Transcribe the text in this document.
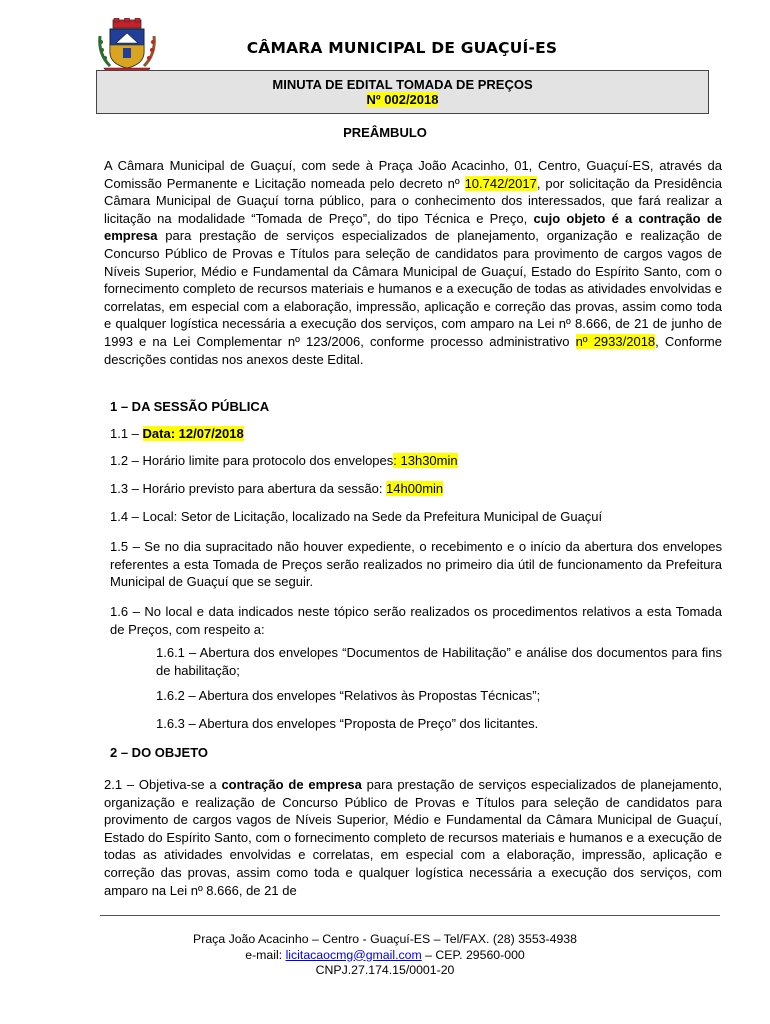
CÂMARA MUNICIPAL DE GUAÇUÍ-ES
MINUTA DE EDITAL TOMADA DE PREÇOS
Nº 002/2018
PREÂMBULO
A Câmara Municipal de Guaçuí, com sede à Praça João Acacinho, 01, Centro, Guaçuí-ES, através da Comissão Permanente e Licitação nomeada pelo decreto nº 10.742/2017, por solicitação da Presidência Câmara Municipal de Guaçuí torna público, para o conhecimento dos interessados, que fará realizar a licitação na modalidade “Tomada de Preço”, do tipo Técnica e Preço, cujo objeto é a contração de empresa para prestação de serviços especializados de planejamento, organização e realização de Concurso Público de Provas e Títulos para seleção de candidatos para provimento de cargos vagos de Níveis Superior, Médio e Fundamental da Câmara Municipal de Guaçuí, Estado do Espírito Santo, com o fornecimento completo de recursos materiais e humanos e a execução de todas as atividades envolvidas e correlatas, em especial com a elaboração, impressão, aplicação e correção das provas, assim como toda e qualquer logística necessária a execução dos serviços, com amparo na Lei nº 8.666, de 21 de junho de 1993 e na Lei Complementar nº 123/2006, conforme processo administrativo nº 2933/2018, Conforme descrições contidas nos anexos deste Edital.
1 – DA SESSÃO PÚBLICA
1.1 – Data: 12/07/2018
1.2 – Horário limite para protocolo dos envelopes: 13h30min
1.3 – Horário previsto para abertura da sessão: 14h00min
1.4 – Local: Setor de Licitação, localizado na Sede da Prefeitura Municipal de Guaçuí
1.5 – Se no dia supracitado não houver expediente, o recebimento e o início da abertura dos envelopes referentes a esta Tomada de Preços serão realizados no primeiro dia útil de funcionamento da Prefeitura Municipal de Guaçuí que se seguir.
1.6 – No local e data indicados neste tópico serão realizados os procedimentos relativos a esta Tomada de Preços, com respeito a:
1.6.1 – Abertura dos envelopes “Documentos de Habilitação” e análise dos documentos para fins de habilitação;
1.6.2 – Abertura dos envelopes “Relativos às Propostas Técnicas”;
1.6.3 – Abertura dos envelopes “Proposta de Preço” dos licitantes.
2 – DO OBJETO
2.1 – Objetiva-se a contração de empresa para prestação de serviços especializados de planejamento, organização e realização de Concurso Público de Provas e Títulos para seleção de candidatos para provimento de cargos vagos de Níveis Superior, Médio e Fundamental da Câmara Municipal de Guaçuí, Estado do Espírito Santo, com o fornecimento completo de recursos materiais e humanos e a execução de todas as atividades envolvidas e correlatas, em especial com a elaboração, impressão, aplicação e correção das provas, assim como toda e qualquer logística necessária a execução dos serviços, com amparo na Lei nº 8.666, de 21 de
Praça João Acacinho – Centro - Guaçuí-ES – Tel/FAX. (28) 3553-4938
e-mail: licitacaocmg@gmail.com – CEP. 29560-000
CNPJ.27.174.15/0001-20
